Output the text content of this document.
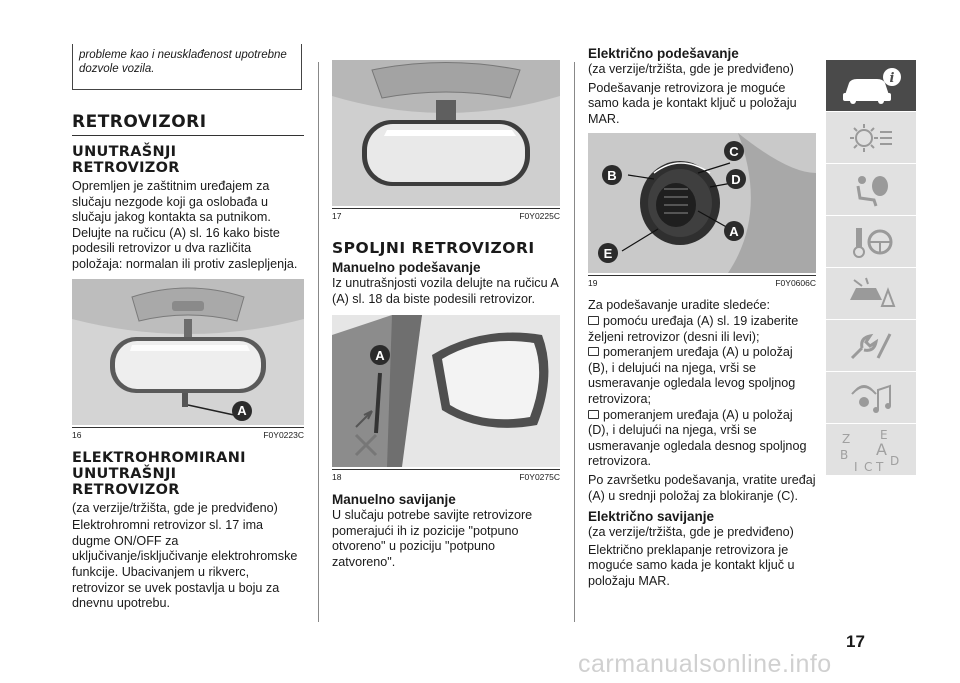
probleme kao i neusklađenost upotrebne dozvole vozila.
RETROVIZORI
UNUTRAŠNJI RETROVIZOR

Opremljen je zaštitnim uređajem za slučaju nezgode koji ga oslobađa u slučaju jakog kontakta sa putnikom. Delujte na ručicu (A) sl. 16 kako biste podesili retrovizor u dva različita položaja: normalan ili protiv zaslepljenja.

A
16	F0Y0223C
ELEKTROHROMIRANI UNUTRAŠNJI RETROVIZOR

(za verzije/tržišta, gde je predviđeno)

Elektrohromni retrovizor sl. 17 ima dugme ON/OFF za uključivanje/isključivanje elektrohromske funkcije. Ubacivanjem u rikverc, retrovizor se uvek postavlja u boju za dnevnu upotrebu.

17	F0Y0225C
SPOLJNI RETROVIZORI
Manuelno podešavanje

Iz unutrašnjosti vozila delujte na ručicu A (A) sl. 18 da biste podesili retrovizor.

A
18	F0Y0275C
Manuelno savijanje

U slučaju potrebe savijte retrovizore pomerajući ih iz pozicije "potpuno otvoreno" u poziciju "potpuno zatvoreno".

Električno podešavanje

(za verzije/tržišta, gde je predviđeno)

Podešavanje retrovizora je moguće samo kada je kontakt ključ u položaju MAR.

C
B	D
A
E
19	F0Y0606C

Za podešavanje uradite sledeće:

pomoću uređaja (A) sl. 19 izaberite željeni retrovizor (desni ili levi);

pomeranjem uređaja (A) u položaj (B), i delujući na njega, vrši se usmeravanje ogledala levog spoljnog retrovizora;

pomeranjem uređaja (A) u položaj (D), i delujući na njega, vrši se usmeravanje ogledala desnog spoljnog retrovizora.

Po završetku podešavanja, vratite uređaj (A) u srednji položaj za blokiranje (C).

Električno savijanje

(za verzije/tržišta, gde je predviđeno)

Električno preklapanje retrovizora je moguće samo kada je kontakt ključ u položaju MAR.

i
Z E
B A
D
C T
I
17
carmanualsonline.info
